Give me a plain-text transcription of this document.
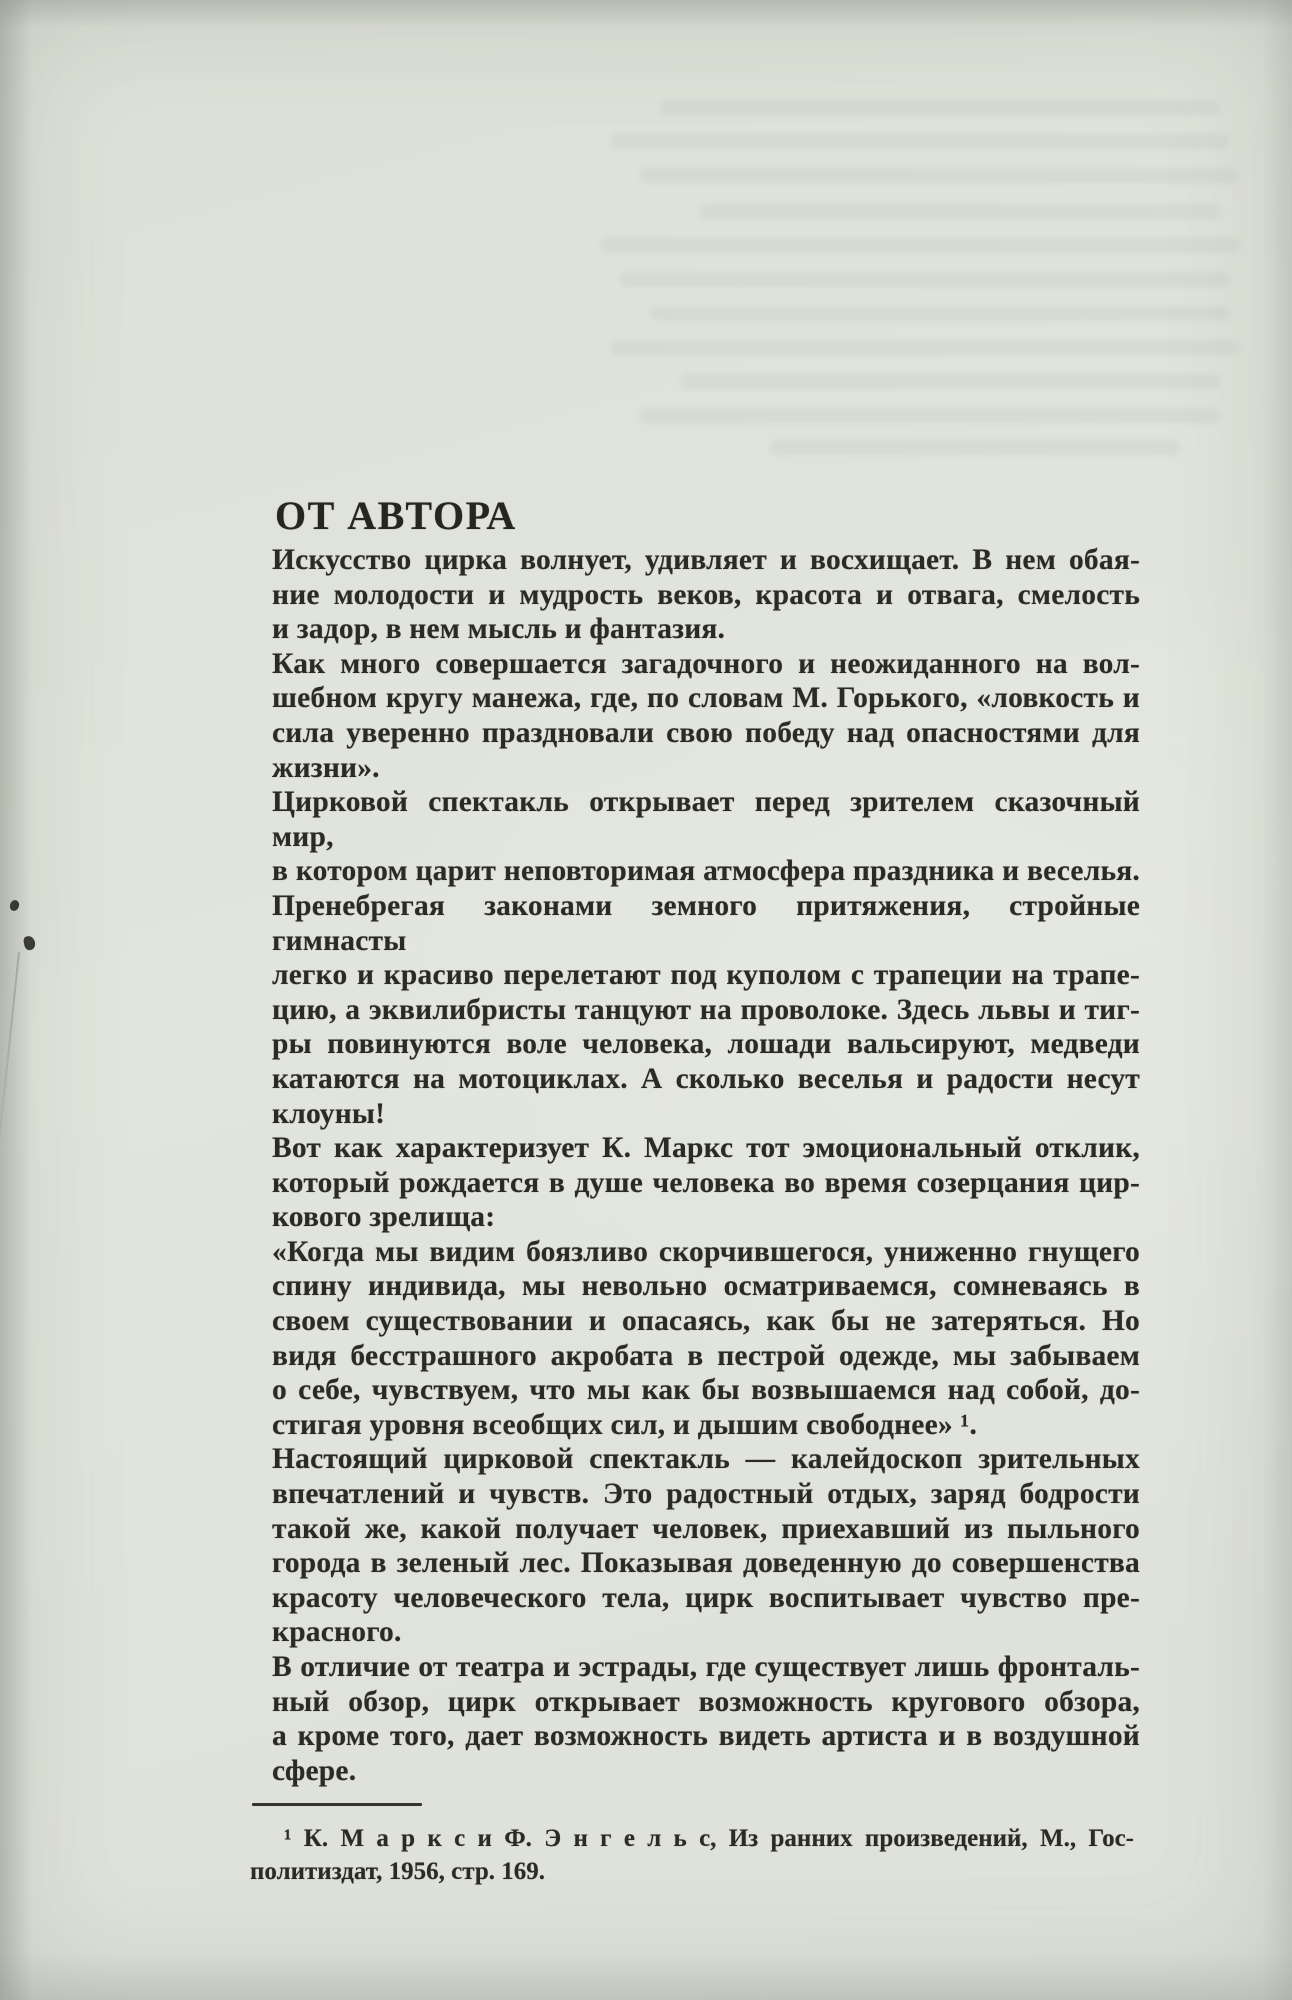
ОТ АВТОРА
Искусство цирка волнует, удивляет и восхищает. В нем обая-
ние молодости и мудрость веков, красота и отвага, смелость
и задор, в нем мысль и фантазия.
Как много совершается загадочного и неожиданного на вол-
шебном кругу манежа, где, по словам М. Горького, «ловкость и
сила уверенно праздновали свою победу над опасностями для
жизни».
Цирковой спектакль открывает перед зрителем сказочный мир,
в котором царит неповторимая атмосфера праздника и веселья.
Пренебрегая законами земного притяжения, стройные гимнасты
легко и красиво перелетают под куполом с трапеции на трапе-
цию, а эквилибристы танцуют на проволоке. Здесь львы и тиг-
ры повинуются воле человека, лошади вальсируют, медведи
катаются на мотоциклах. А сколько веселья и радости несут
клоуны!
Вот как характеризует К. Маркс тот эмоциональный отклик,
который рождается в душе человека во время созерцания цир-
кового зрелища:
«Когда мы видим боязливо скорчившегося, униженно гнущего
спину индивида, мы невольно осматриваемся, сомневаясь в
своем существовании и опасаясь, как бы не затеряться. Но
видя бесстрашного акробата в пестрой одежде, мы забываем
о себе, чувствуем, что мы как бы возвышаемся над собой, до-
стигая уровня всеобщих сил, и дышим свободнее» ¹.
Настоящий цирковой спектакль — калейдоскоп зрительных
впечатлений и чувств. Это радостный отдых, заряд бодрости
такой же, какой получает человек, приехавший из пыльного
города в зеленый лес. Показывая доведенную до совершенства
красоту человеческого тела, цирк воспитывает чувство пре-
красного.
В отличие от театра и эстрады, где существует лишь фронталь-
ный обзор, цирк открывает возможность кругового обзора,
а кроме того, дает возможность видеть артиста и в воздушной
сфере.
¹ К. М а р к с и Ф. Э н г е л ь с, Из ранних произведений, М., Гос-
политиздат, 1956, стр. 169.
